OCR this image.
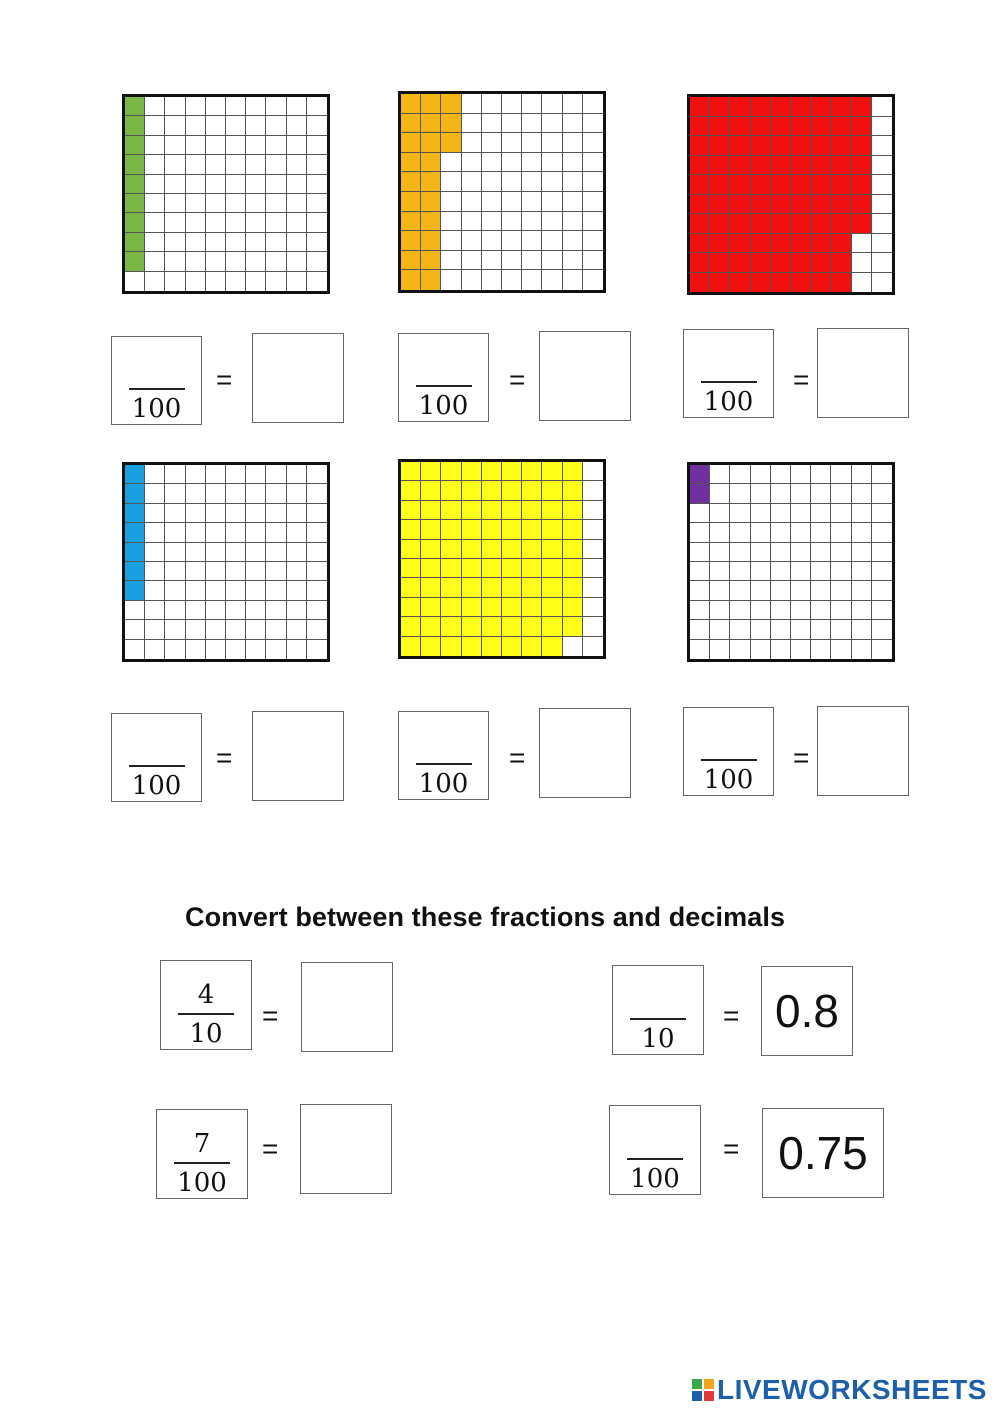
100
=
100
=
100
=
100
=
100
=
100
=
Convert between these fractions and decimals
4
10
=
10
= 0.8
7
100
=
100
= 0.75
LIVEWORKSHEETS
